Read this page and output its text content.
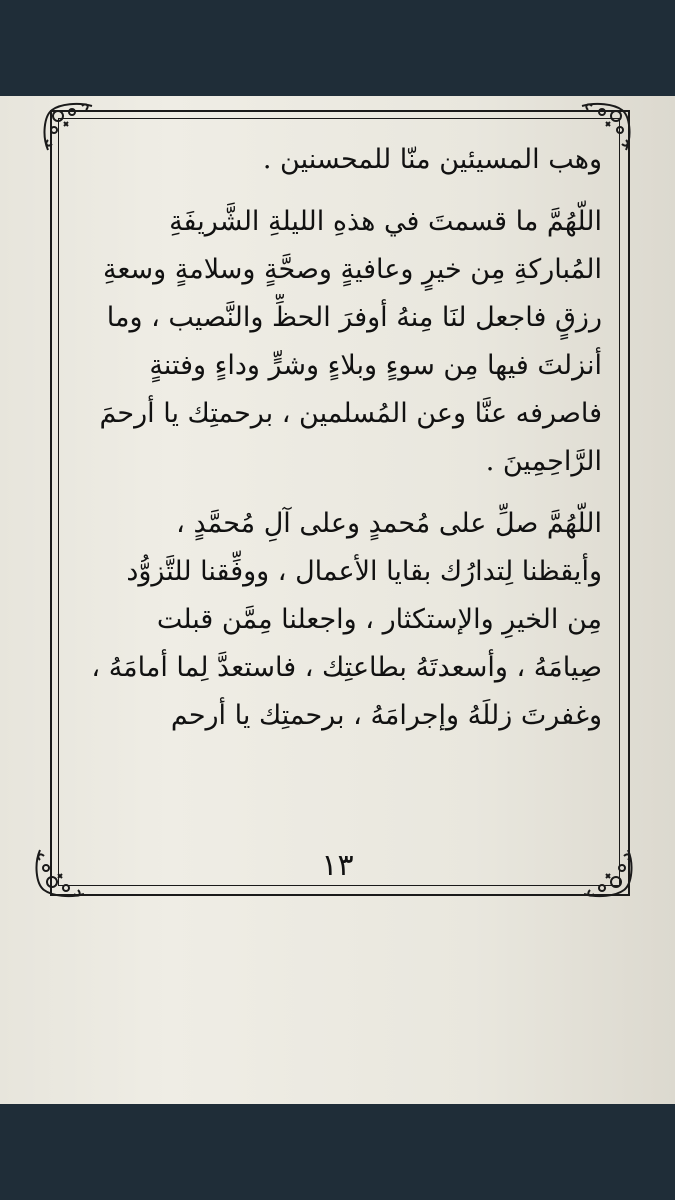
وهب المسيئين منّا للمحسنين .
اللّهُمَّ ما قسمتَ في هذهِ الليلةِ الشَّريفَةِ
المُباركةِ مِن خيرٍ وعافيةٍ وصحَّةٍ وسلامةٍ وسعةِ
رزقٍ فاجعل لنَا مِنهُ أوفرَ الحظِّ والنَّصيب ، وما
أنزلتَ فيها مِن سوءٍ وبلاءٍ وشرٍّ وداءٍ وفتنةٍ
فاصرفه عنَّا وعن المُسلمين ، برحمتِك يا أرحمَ
الرَّاحِمِينَ .
اللّهُمَّ صلِّ على مُحمدٍ وعلى آلِ مُحمَّدٍ ،
وأيقظنا لِتدارُك بقايا الأعمال ، ووفِّقنا للتَّزوُّد
مِن الخيرِ والإستكثار ، واجعلنا مِمَّن قبلت
صِيامَهُ ، وأسعدتَهُ بطاعتِك ، فاستعدَّ لِما أمامَهُ ،
وغفرتَ زللَهُ وإجرامَهُ ، برحمتِك يا أرحم
١٣
